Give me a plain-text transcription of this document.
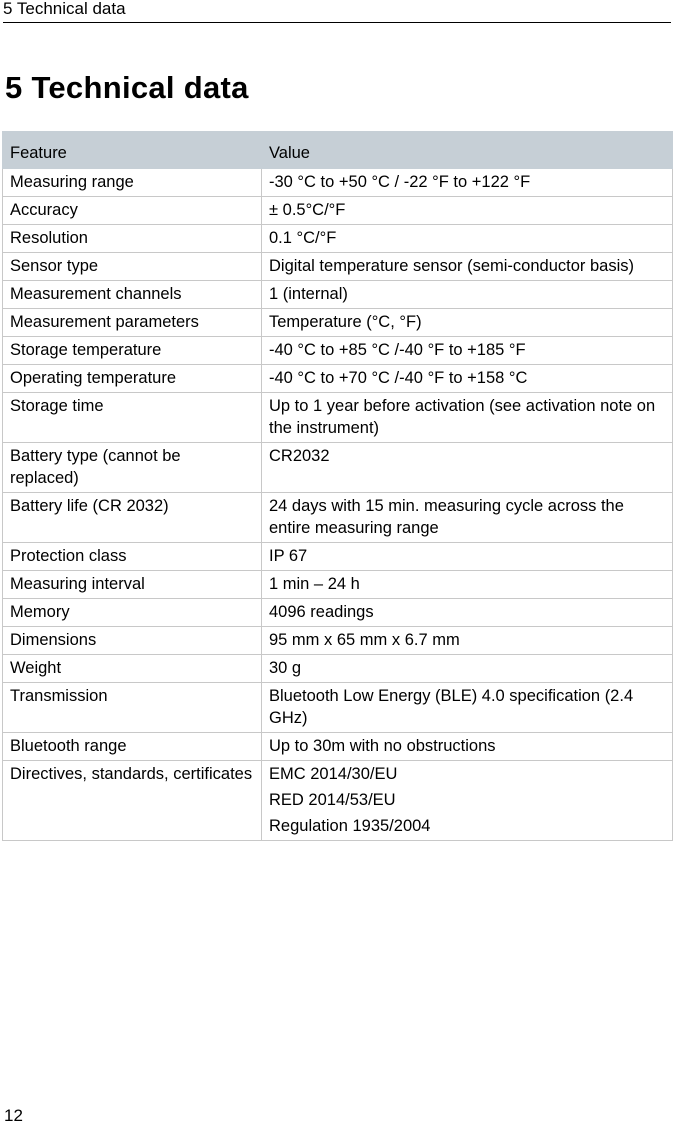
5 Technical data
5 Technical data
Feature	Value
Measuring range	-30 °C to +50 °C / -22 °F to +122 °F

Accuracy	± 0.5°C/°F

Resolution	0.1 °C/°F

Sensor type	Digital temperature sensor (semi-conductor basis)

Measurement channels	1 (internal)

Measurement parameters	Temperature (°C, °F)

Storage temperature	-40 °C to +85 °C /-40 °F to +185 °F

Operating temperature	-40 °C to +70 °C /-40 °F to +158 °C

Storage time	Up to 1 year before activation (see activation note on the instrument)

Battery type (cannot be replaced)	CR2032

Battery life (CR 2032)	24 days with 15 min. measuring cycle across the entire measuring range

Protection class	IP 67

Measuring interval	1 min – 24 h

Memory	4096 readings

Dimensions	95 mm x 65 mm x 6.7 mm

Weight	30 g

Transmission	Bluetooth Low Energy (BLE) 4.0 specification (2.4 GHz)

Bluetooth range	Up to 30m with no obstructions

Directives, standards, certificates	EMC 2014/30/EU
RED 2014/53/EU
Regulation 1935/2004
12
